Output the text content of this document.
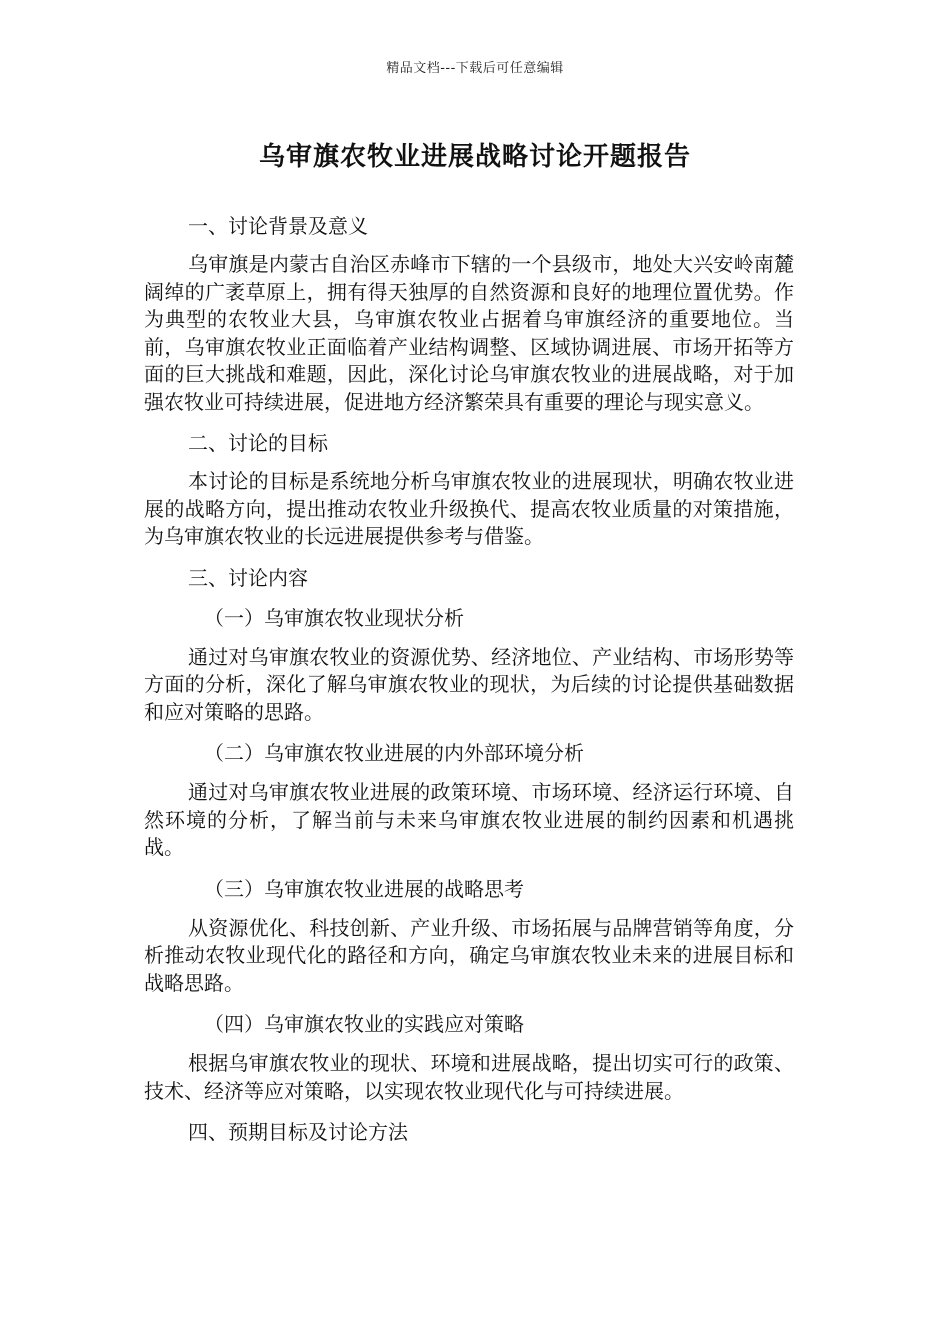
精品文档---下载后可任意编辑
乌审旗农牧业进展战略讨论开题报告

一、讨论背景及意义

乌审旗是内蒙古自治区赤峰市下辖的一个县级市，地处大兴安岭南麓阔绰的广袤草原上，拥有得天独厚的自然资源和良好的地理位置优势。作为典型的农牧业大县，乌审旗农牧业占据着乌审旗经济的重要地位。当前，乌审旗农牧业正面临着产业结构调整、区域协调进展、市场开拓等方面的巨大挑战和难题，因此，深化讨论乌审旗农牧业的进展战略，对于加强农牧业可持续进展，促进地方经济繁荣具有重要的理论与现实意义。

二、讨论的目标

本讨论的目标是系统地分析乌审旗农牧业的进展现状，明确农牧业进展的战略方向，提出推动农牧业升级换代、提高农牧业质量的对策措施，为乌审旗农牧业的长远进展提供参考与借鉴。

三、讨论内容

（一）乌审旗农牧业现状分析

通过对乌审旗农牧业的资源优势、经济地位、产业结构、市场形势等方面的分析，深化了解乌审旗农牧业的现状，为后续的讨论提供基础数据和应对策略的思路。

（二）乌审旗农牧业进展的内外部环境分析

通过对乌审旗农牧业进展的政策环境、市场环境、经济运行环境、自然环境的分析，了解当前与未来乌审旗农牧业进展的制约因素和机遇挑战。

（三）乌审旗农牧业进展的战略思考

从资源优化、科技创新、产业升级、市场拓展与品牌营销等角度，分析推动农牧业现代化的路径和方向，确定乌审旗农牧业未来的进展目标和战略思路。

（四）乌审旗农牧业的实践应对策略

根据乌审旗农牧业的现状、环境和进展战略，提出切实可行的政策、技术、经济等应对策略，以实现农牧业现代化与可持续进展。

四、预期目标及讨论方法
